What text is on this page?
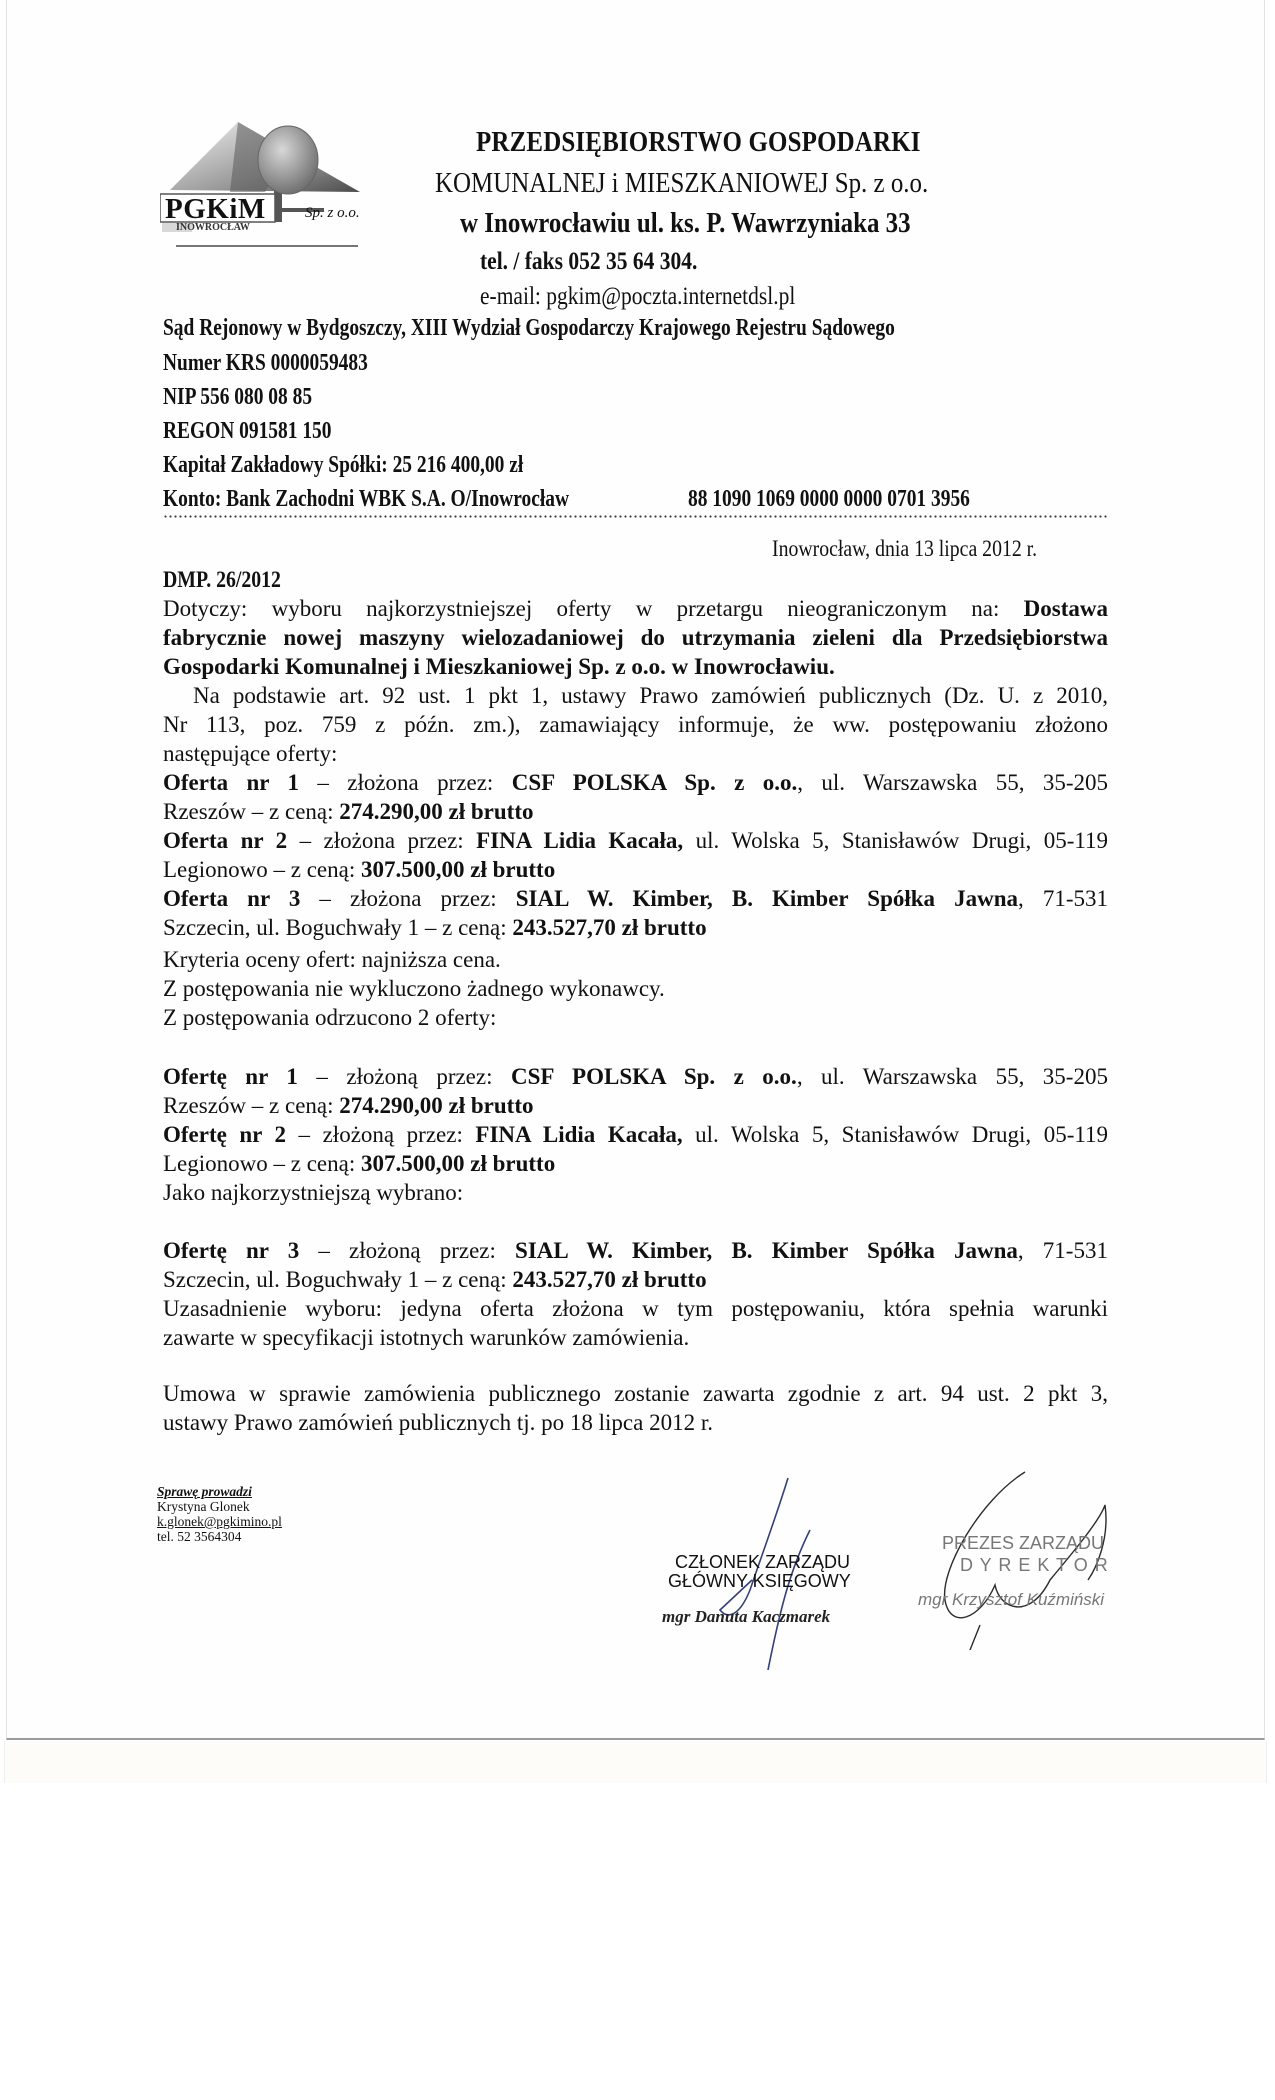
PGKiM	Sp. z o.o.
INOWROCŁAW
PRZEDSIĘBIORSTWO GOSPODARKI
KOMUNALNEJ i MIESZKANIOWEJ Sp. z o.o.
w Inowrocławiu ul. ks. P. Wawrzyniaka 33
tel. / faks 052 35 64 304.
e-mail: pgkim@poczta.internetdsl.pl
Sąd Rejonowy w Bydgoszczy, XIII Wydział Gospodarczy Krajowego Rejestru Sądowego
Numer KRS 0000059483
NIP 556 080 08 85
REGON 091581 150
Kapitał Zakładowy Spółki: 25 216 400,00 zł
Konto: Bank Zachodni WBK S.A. O/Inowrocław	88 1090 1069 0000 0000 0701 3956
Inowrocław, dnia 13 lipca 2012 r.
DMP. 26/2012
Dotyczy: wyboru najkorzystniejszej oferty w przetargu nieograniczonym na: Dostawa
fabrycznie nowej maszyny wielozadaniowej do utrzymania zieleni dla Przedsiębiorstwa
Gospodarki Komunalnej i Mieszkaniowej Sp. z o.o. w Inowrocławiu.
Na podstawie art. 92 ust. 1 pkt 1, ustawy Prawo zamówień publicznych (Dz. U. z 2010,
Nr 113, poz. 759 z późn. zm.), zamawiający informuje, że ww. postępowaniu złożono
następujące oferty:
Oferta nr 1 – złożona przez: CSF POLSKA Sp. z o.o., ul. Warszawska 55, 35-205
Rzeszów – z ceną: 274.290,00 zł brutto
Oferta nr 2 – złożona przez: FINA Lidia Kacała, ul. Wolska 5, Stanisławów Drugi, 05-119
Legionowo – z ceną: 307.500,00 zł brutto
Oferta nr 3 – złożona przez: SIAL W. Kimber, B. Kimber Spółka Jawna, 71-531
Szczecin, ul. Boguchwały 1 – z ceną: 243.527,70 zł brutto
Kryteria oceny ofert: najniższa cena.
Z postępowania nie wykluczono żadnego wykonawcy.
Z postępowania odrzucono 2 oferty:
Ofertę nr 1 – złożoną przez: CSF POLSKA Sp. z o.o., ul. Warszawska 55, 35-205
Rzeszów – z ceną: 274.290,00 zł brutto
Ofertę nr 2 – złożoną przez: FINA Lidia Kacała, ul. Wolska 5, Stanisławów Drugi, 05-119
Legionowo – z ceną: 307.500,00 zł brutto
Jako najkorzystniejszą wybrano:
Ofertę nr 3 – złożoną przez: SIAL W. Kimber, B. Kimber Spółka Jawna, 71-531
Szczecin, ul. Boguchwały 1 – z ceną: 243.527,70 zł brutto
Uzasadnienie wyboru: jedyna oferta złożona w tym postępowaniu, która spełnia warunki
zawarte w specyfikacji istotnych warunków zamówienia.
Umowa w sprawie zamówienia publicznego zostanie zawarta zgodnie z art. 94 ust. 2 pkt 3,
ustawy Prawo zamówień publicznych tj. po 18 lipca 2012 r.
Sprawę prowadzi
Krystyna Glonek
k.glonek@pgkimino.pl
tel. 52 3564304
CZŁONEK ZARZĄDU
GŁÓWNY KSIĘGOWY
mgr Danuta Kaczmarek
PREZES ZARZĄDU
D Y R E K T O R
mgr Krzysztof Kuźmiński
